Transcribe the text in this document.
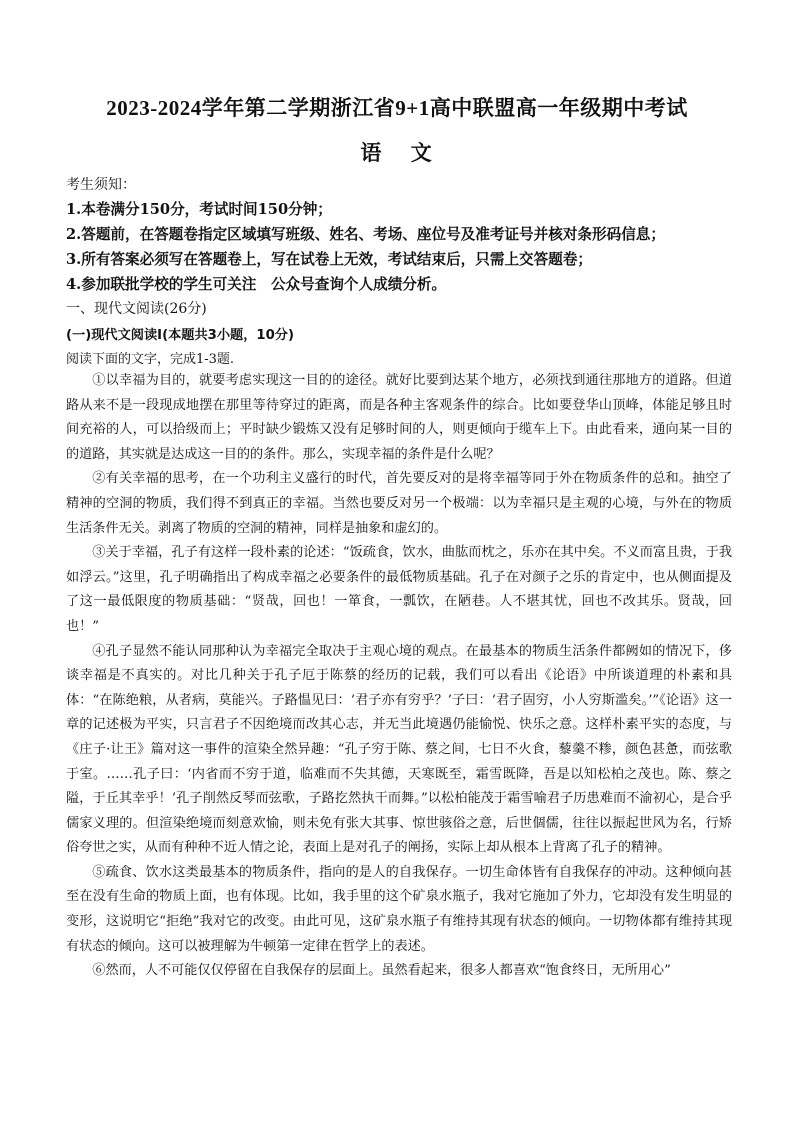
2023-2024学年第二学期浙江省9+1高中联盟高一年级期中考试
语 文
考生须知：
1.本卷满分150分，考试时间150分钟；
2.答题前，在答题卷指定区域填写班级、姓名、考场、座位号及准考证号并核对条形码信息；
3.所有答案必须写在答题卷上，写在试卷上无效，考试结束后，只需上交答题卷；
4.参加联批学校的学生可关注　公众号查询个人成绩分析。
一、现代文阅读(26分)
(一)现代文阅读Ⅰ(本题共3小题，10分)
阅读下面的文字，完成1-3题.

①以幸福为目的，就要考虑实现这一目的的途径。就好比要到达某个地方，必须找到通往那地方的道路。但道路从来不是一段现成地摆在那里等待穿过的距离，而是各种主客观条件的综合。比如要登华山顶峰，体能足够且时间充裕的人，可以拾级而上；平时缺少锻炼又没有足够时间的人，则更倾向于缆车上下。由此看来，通向某一目的的道路，其实就是达成这一目的的条件。那么，实现幸福的条件是什么呢？

②有关幸福的思考，在一个功利主义盛行的时代，首先要反对的是将幸福等同于外在物质条件的总和。抽空了精神的空洞的物质，我们得不到真正的幸福。当然也要反对另一个极端：以为幸福只是主观的心境，与外在的物质生活条件无关。剥离了物质的空洞的精神，同样是抽象和虚幻的。

③关于幸福，孔子有这样一段朴素的论述：“饭疏食，饮水，曲肱而枕之，乐亦在其中矣。不义而富且贵，于我如浮云。”这里，孔子明确指出了构成幸福之必要条件的最低物质基础。孔子在对颜子之乐的肯定中，也从侧面提及了这一最低限度的物质基础：“贤哉，回也！一箪食，一瓢饮，在陋巷。人不堪其忧，回也不改其乐。贤哉，回也！”

④孔子显然不能认同那种认为幸福完全取决于主观心境的观点。在最基本的物质生活条件都阙如的情况下，侈谈幸福是不真实的。对比几种关于孔子厄于陈蔡的经历的记载，我们可以看出《论语》中所谈道理的朴素和具体：“在陈绝粮，从者病，莫能兴。子路愠见曰：‘君子亦有穷乎？’子曰：‘君子固穷，小人穷斯滥矣。’”《论语》这一章的记述极为平实，只言君子不因绝境而改其心志，并无当此境遇仍能愉悦、快乐之意。这样朴素平实的态度，与《庄子·让王》篇对这一事件的渲染全然异趣：“孔子穷于陈、蔡之间，七日不火食，藜羹不糁，颜色甚惫，而弦歌于室。……孔子曰：‘内省而不穷于道，临难而不失其德，天寒既至，霜雪既降，吾是以知松柏之茂也。陈、蔡之隘，于丘其幸乎！’孔子削然反琴而弦歌，子路扢然执干而舞。”以松柏能茂于霜雪喻君子历患难而不渝初心，是合乎儒家义理的。但渲染绝境而刻意欢愉，则未免有张大其事、惊世骇俗之意，后世個儒，往往以振起世风为名，行矫俗夸世之实，从而有种种不近人情之论，表面上是对孔子的阐扬，实际上却从根本上背离了孔子的精神。

⑤疏食、饮水这类最基本的物质条件，指向的是人的自我保存。一切生命体皆有自我保存的冲动。这种倾向甚至在没有生命的物质上面，也有体现。比如，我手里的这个矿泉水瓶子，我对它施加了外力，它却没有发生明显的变形，这说明它“拒绝”我对它的改变。由此可见，这矿泉水瓶子有维持其现有状态的倾向。一切物体都有维持其现有状态的倾向。这可以被理解为牛顿第一定律在哲学上的表述。

⑥然而，人不可能仅仅停留在自我保存的层面上。虽然看起来，很多人都喜欢“饱食终日，无所用心”
